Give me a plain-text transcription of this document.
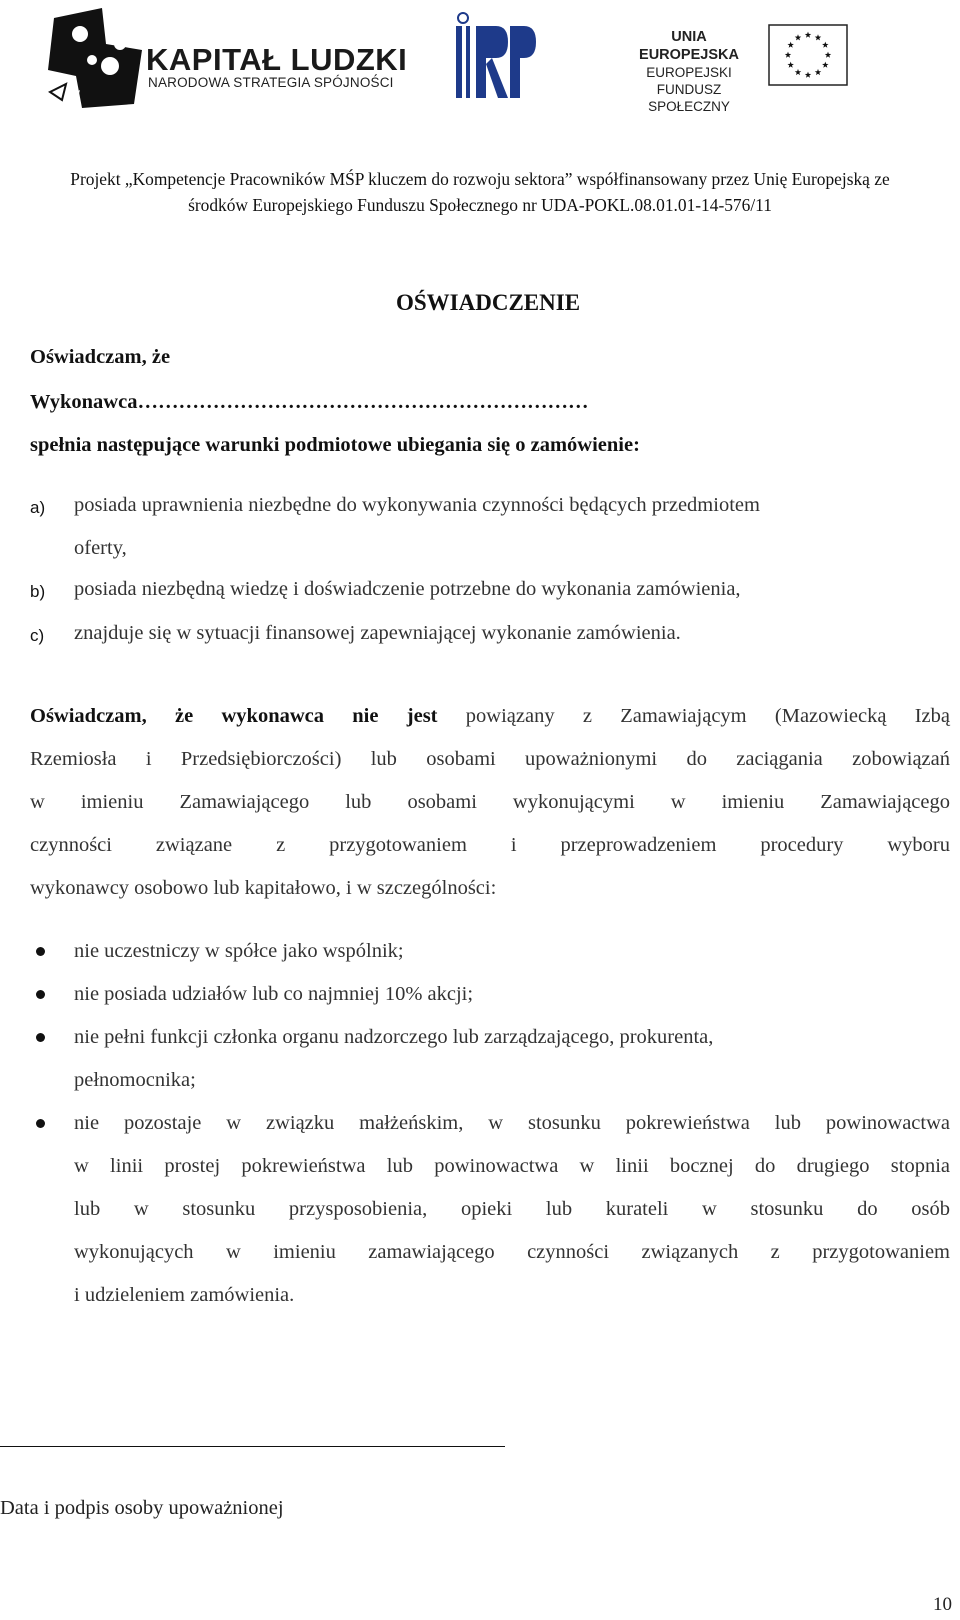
KAPITAŁ LUDZKI
NARODOWA STRATEGIA SPÓJNOŚCI
UNIA EUROPEJSKA
EUROPEJSKI
FUNDUSZ SPOŁECZNY
Projekt „Kompetencje Pracowników MŚP kluczem do rozwoju sektora” współfinansowany przez Unię Europejską ze
środków Europejskiego Funduszu Społecznego nr UDA-POKL.08.01.01-14-576/11
OŚWIADCZENIE
Oświadczam, że
Wykonawca…………………………………………………………
spełnia następujące warunki podmiotowe ubiegania się o zamówienie:
a) posiada uprawnienia niezbędne do wykonywania czynności będących przedmiotem
oferty,
b) posiada niezbędną wiedzę i doświadczenie potrzebne do wykonania zamówienia,
c) znajduje się w sytuacji finansowej zapewniającej wykonanie zamówienia.
Oświadczam, że wykonawca nie jest powiązany z Zamawiającym (Mazowiecką Izbą
Rzemiosła i Przedsiębiorczości) lub osobami upoważnionymi do zaciągania zobowiązań
w imieniu Zamawiającego lub osobami wykonującymi w imieniu Zamawiającego
czynności związane z przygotowaniem i przeprowadzeniem procedury wyboru
wykonawcy osobowo lub kapitałowo, i w szczególności:
nie uczestniczy w spółce jako wspólnik;
nie posiada udziałów lub co najmniej 10% akcji;
nie pełni funkcji członka organu nadzorczego lub zarządzającego, prokurenta,
pełnomocnika;
nie pozostaje w związku małżeńskim, w stosunku pokrewieństwa lub powinowactwa
w linii prostej pokrewieństwa lub powinowactwa w linii bocznej do drugiego stopnia
lub w stosunku przysposobienia, opieki lub kurateli w stosunku do osób
wykonujących w imieniu zamawiającego czynności związanych z przygotowaniem
i udzieleniem zamówienia.
Data i podpis osoby upoważnionej
10
